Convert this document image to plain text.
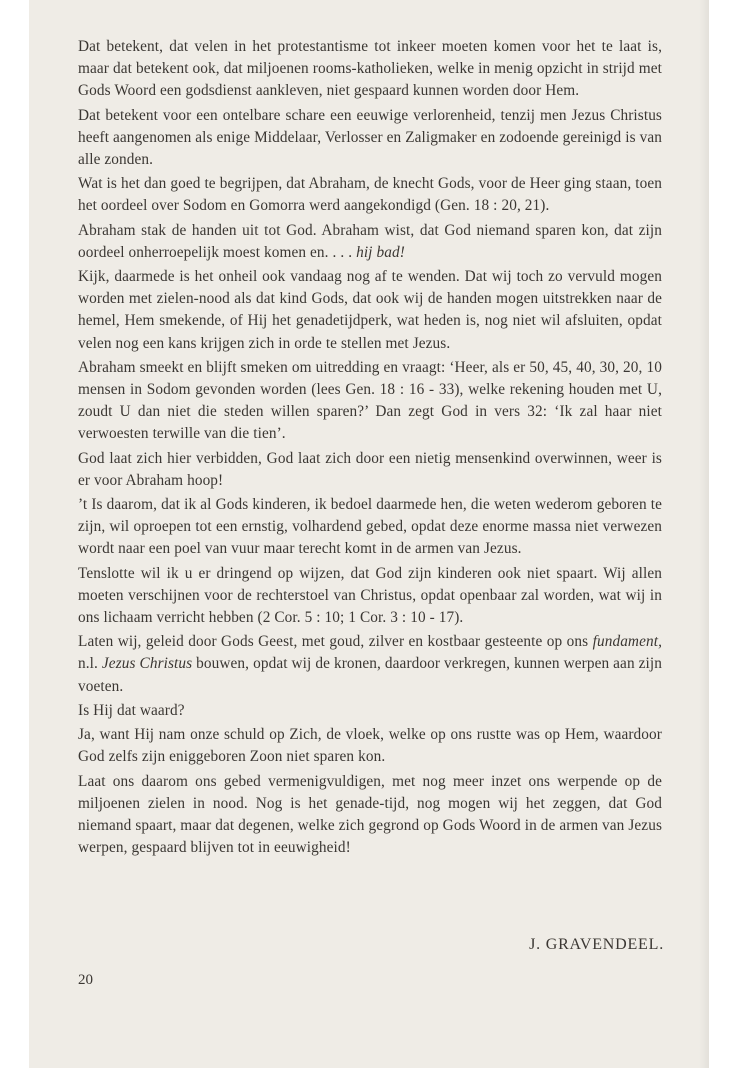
Dat betekent, dat velen in het protestantisme tot inkeer moeten komen voor het te laat is, maar dat betekent ook, dat miljoenen rooms-katholieken, welke in menig opzicht in strijd met Gods Woord een godsdienst aankleven, niet gespaard kunnen worden door Hem.

Dat betekent voor een ontelbare schare een eeuwige verlorenheid, tenzij men Jezus Christus heeft aangenomen als enige Middelaar, Verlosser en Zaligmaker en zodoende gereinigd is van alle zonden.

Wat is het dan goed te begrijpen, dat Abraham, de knecht Gods, voor de Heer ging staan, toen het oordeel over Sodom en Gomorra werd aangekondigd (Gen. 18 : 20, 21).

Abraham stak de handen uit tot God. Abraham wist, dat God niemand sparen kon, dat zijn oordeel onherroepelijk moest komen en. . . . hij bad!

Kijk, daarmede is het onheil ook vandaag nog af te wenden. Dat wij toch zo vervuld mogen worden met zielen-nood als dat kind Gods, dat ook wij de handen mogen uitstrekken naar de hemel, Hem smekende, of Hij het genadetijdperk, wat heden is, nog niet wil afsluiten, opdat velen nog een kans krijgen zich in orde te stellen met Jezus.

Abraham smeekt en blijft smeken om uitredding en vraagt: ‘Heer, als er 50, 45, 40, 30, 20, 10 mensen in Sodom gevonden worden (lees Gen. 18 : 16 - 33), welke rekening houden met U, zoudt U dan niet die steden willen sparen?’ Dan zegt God in vers 32: ‘Ik zal haar niet verwoesten terwille van die tien’.

God laat zich hier verbidden, God laat zich door een nietig mensenkind overwinnen, weer is er voor Abraham hoop!

’t Is daarom, dat ik al Gods kinderen, ik bedoel daarmede hen, die weten wederom geboren te zijn, wil oproepen tot een ernstig, volhardend gebed, opdat deze enorme massa niet verwezen wordt naar een poel van vuur maar terecht komt in de armen van Jezus.

Tenslotte wil ik u er dringend op wijzen, dat God zijn kinderen ook niet spaart. Wij allen moeten verschijnen voor de rechterstoel van Christus, opdat openbaar zal worden, wat wij in ons lichaam verricht hebben (2 Cor. 5 : 10; 1 Cor. 3 : 10 - 17).

Laten wij, geleid door Gods Geest, met goud, zilver en kostbaar gesteente op ons fundament, n.l. Jezus Christus bouwen, opdat wij de kronen, daardoor verkregen, kunnen werpen aan zijn voeten.

Is Hij dat waard?

Ja, want Hij nam onze schuld op Zich, de vloek, welke op ons rustte was op Hem, waardoor God zelfs zijn eniggeboren Zoon niet sparen kon.

Laat ons daarom ons gebed vermenigvuldigen, met nog meer inzet ons werpende op de miljoenen zielen in nood. Nog is het genade-tijd, nog mogen wij het zeggen, dat God niemand spaart, maar dat degenen, welke zich gegrond op Gods Woord in de armen van Jezus werpen, gespaard blijven tot in eeuwigheid!

J. GRAVENDEEL.
20
